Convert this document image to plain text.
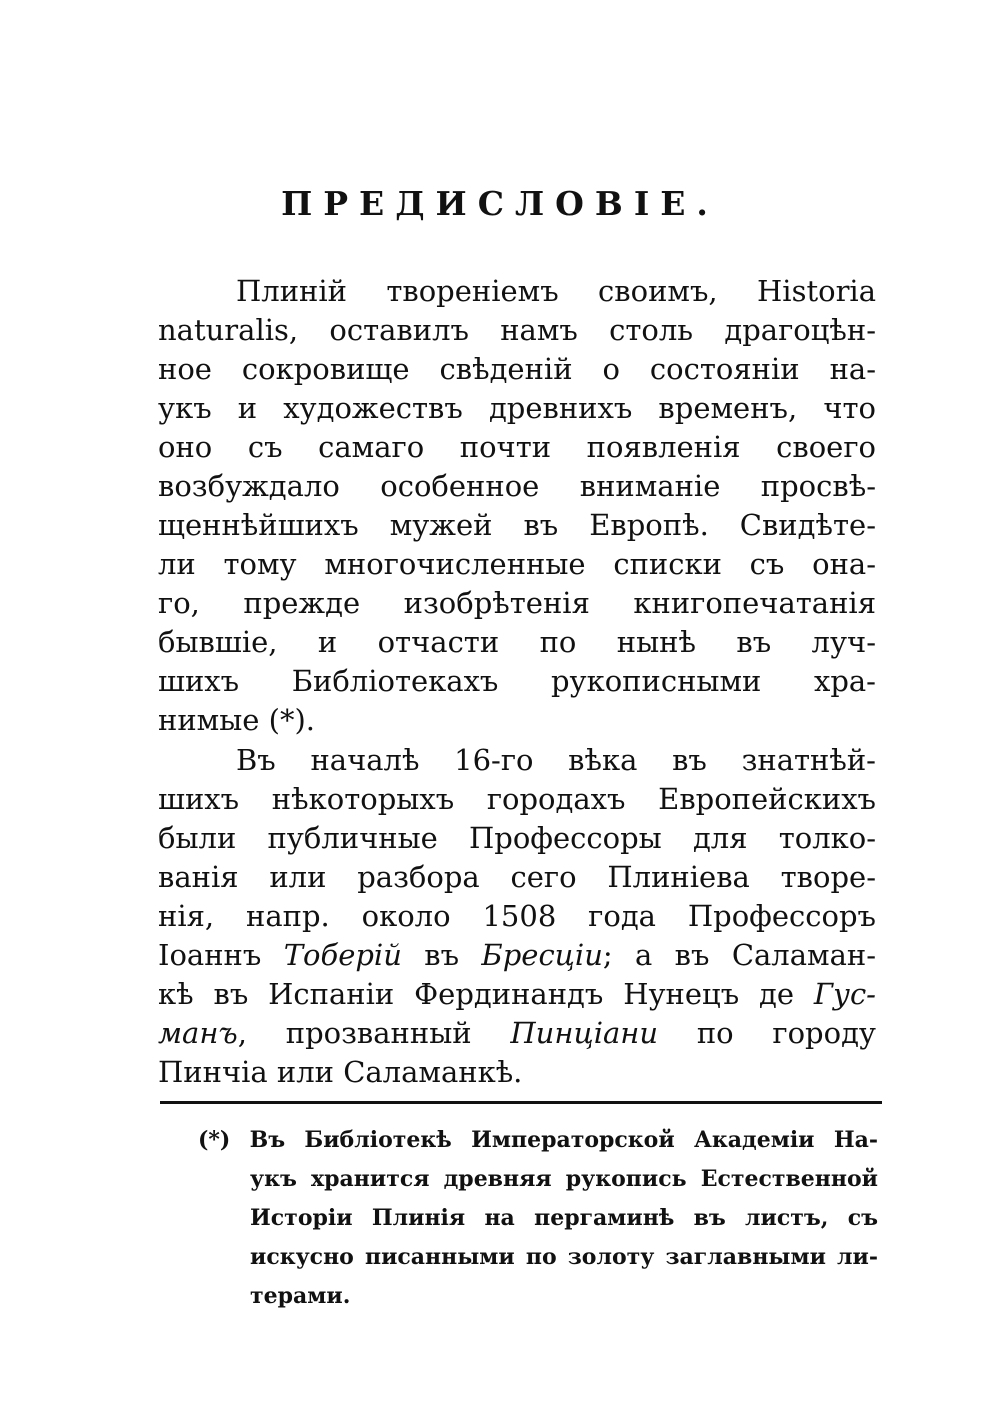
ПРЕДИСЛОВІЕ.
Плиній твореніемъ своимъ, Historia
naturalis, оставилъ намъ столь драгоцѣн-
ное сокровище свѣденій о состояніи на-
укъ и художествъ древнихъ временъ, что
оно съ самаго почти появленія своего
возбуждало особенное вниманіе просвѣ-
щеннѣйшихъ мужей въ Европѣ. Свидѣте-
ли тому многочисленные списки съ она-
го, прежде изобрѣтенія книгопечатанія
бывшіе, и отчасти по нынѣ въ луч-
шихъ Библіотекахъ рукописными хра-
нимые (*).
Въ началѣ 16-го вѣка въ знатнѣй-
шихъ нѣкоторыхъ городахъ Европейскихъ
были публичные Профессоры для толко-
ванія или разбора сего Плиніева творе-
нія, напр. около 1508 года Профессоръ
Іоаннъ Тоберій въ Бресціи; а въ Саламан-
кѣ въ Испаніи Фердинандъ Нунецъ де Гус-
манъ, прозванный Пинціани по городу
Пинчіа или Саламанкѣ.
(*) Въ Библіотекѣ Императорской Академіи На-
укъ хранится древняя рукопись Естественной
Исторіи Плинія на пергаминѣ въ листъ, съ
искусно писанными по золоту заглавными ли-
терами.
